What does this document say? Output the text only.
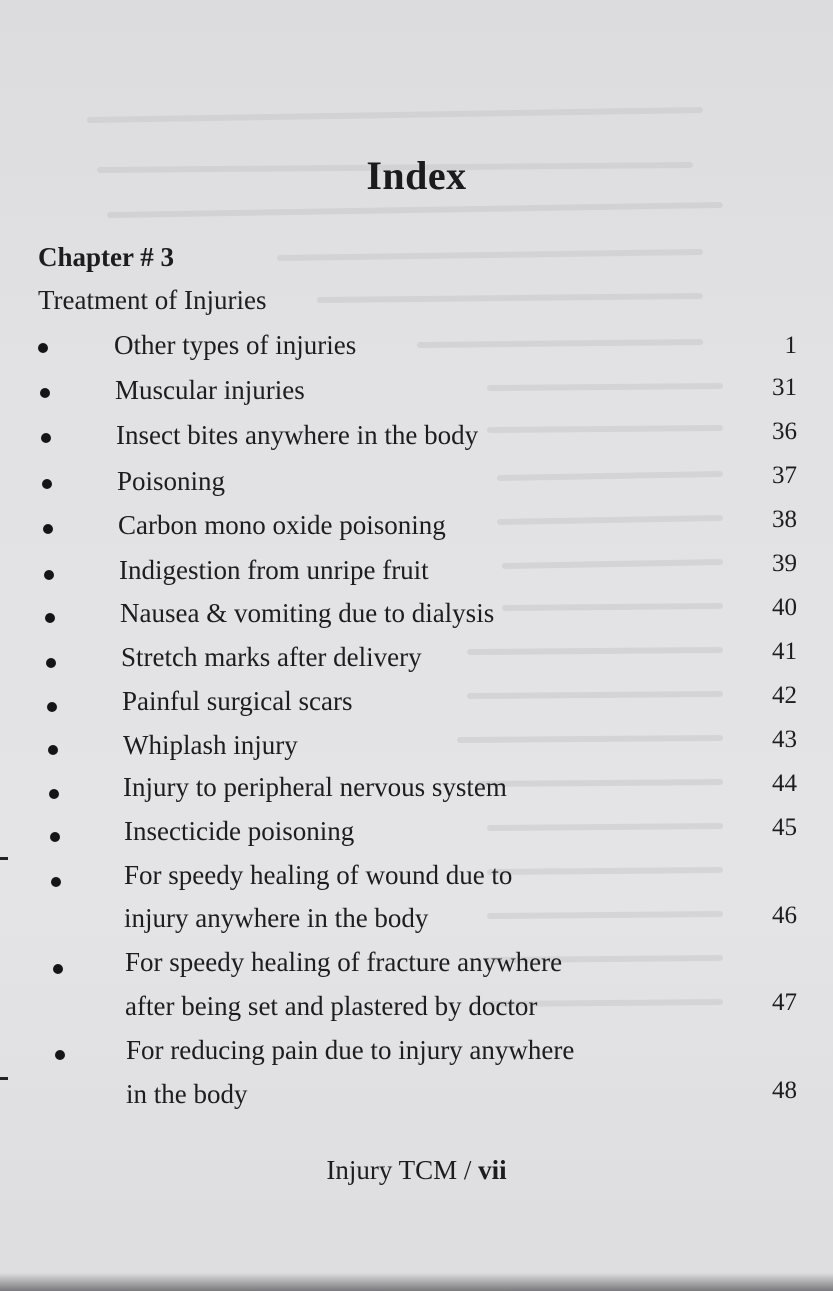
Index
Chapter # 3
Treatment of Injuries
Other types of injuries	1
Muscular injuries	31
Insect bites anywhere in the body	36
Poisoning	37
Carbon mono oxide poisoning	38
Indigestion from unripe fruit	39
Nausea & vomiting due to dialysis	40
Stretch marks after delivery	41
Painful surgical scars	42
Whiplash injury	43
Injury to peripheral nervous system	44
Insecticide poisoning	45
For speedy healing of wound due to
injury anywhere in the body	46
For speedy healing of fracture anywhere
after being set and plastered by doctor	47
For reducing pain due to injury anywhere
in the body	48
Injury TCM / vii
